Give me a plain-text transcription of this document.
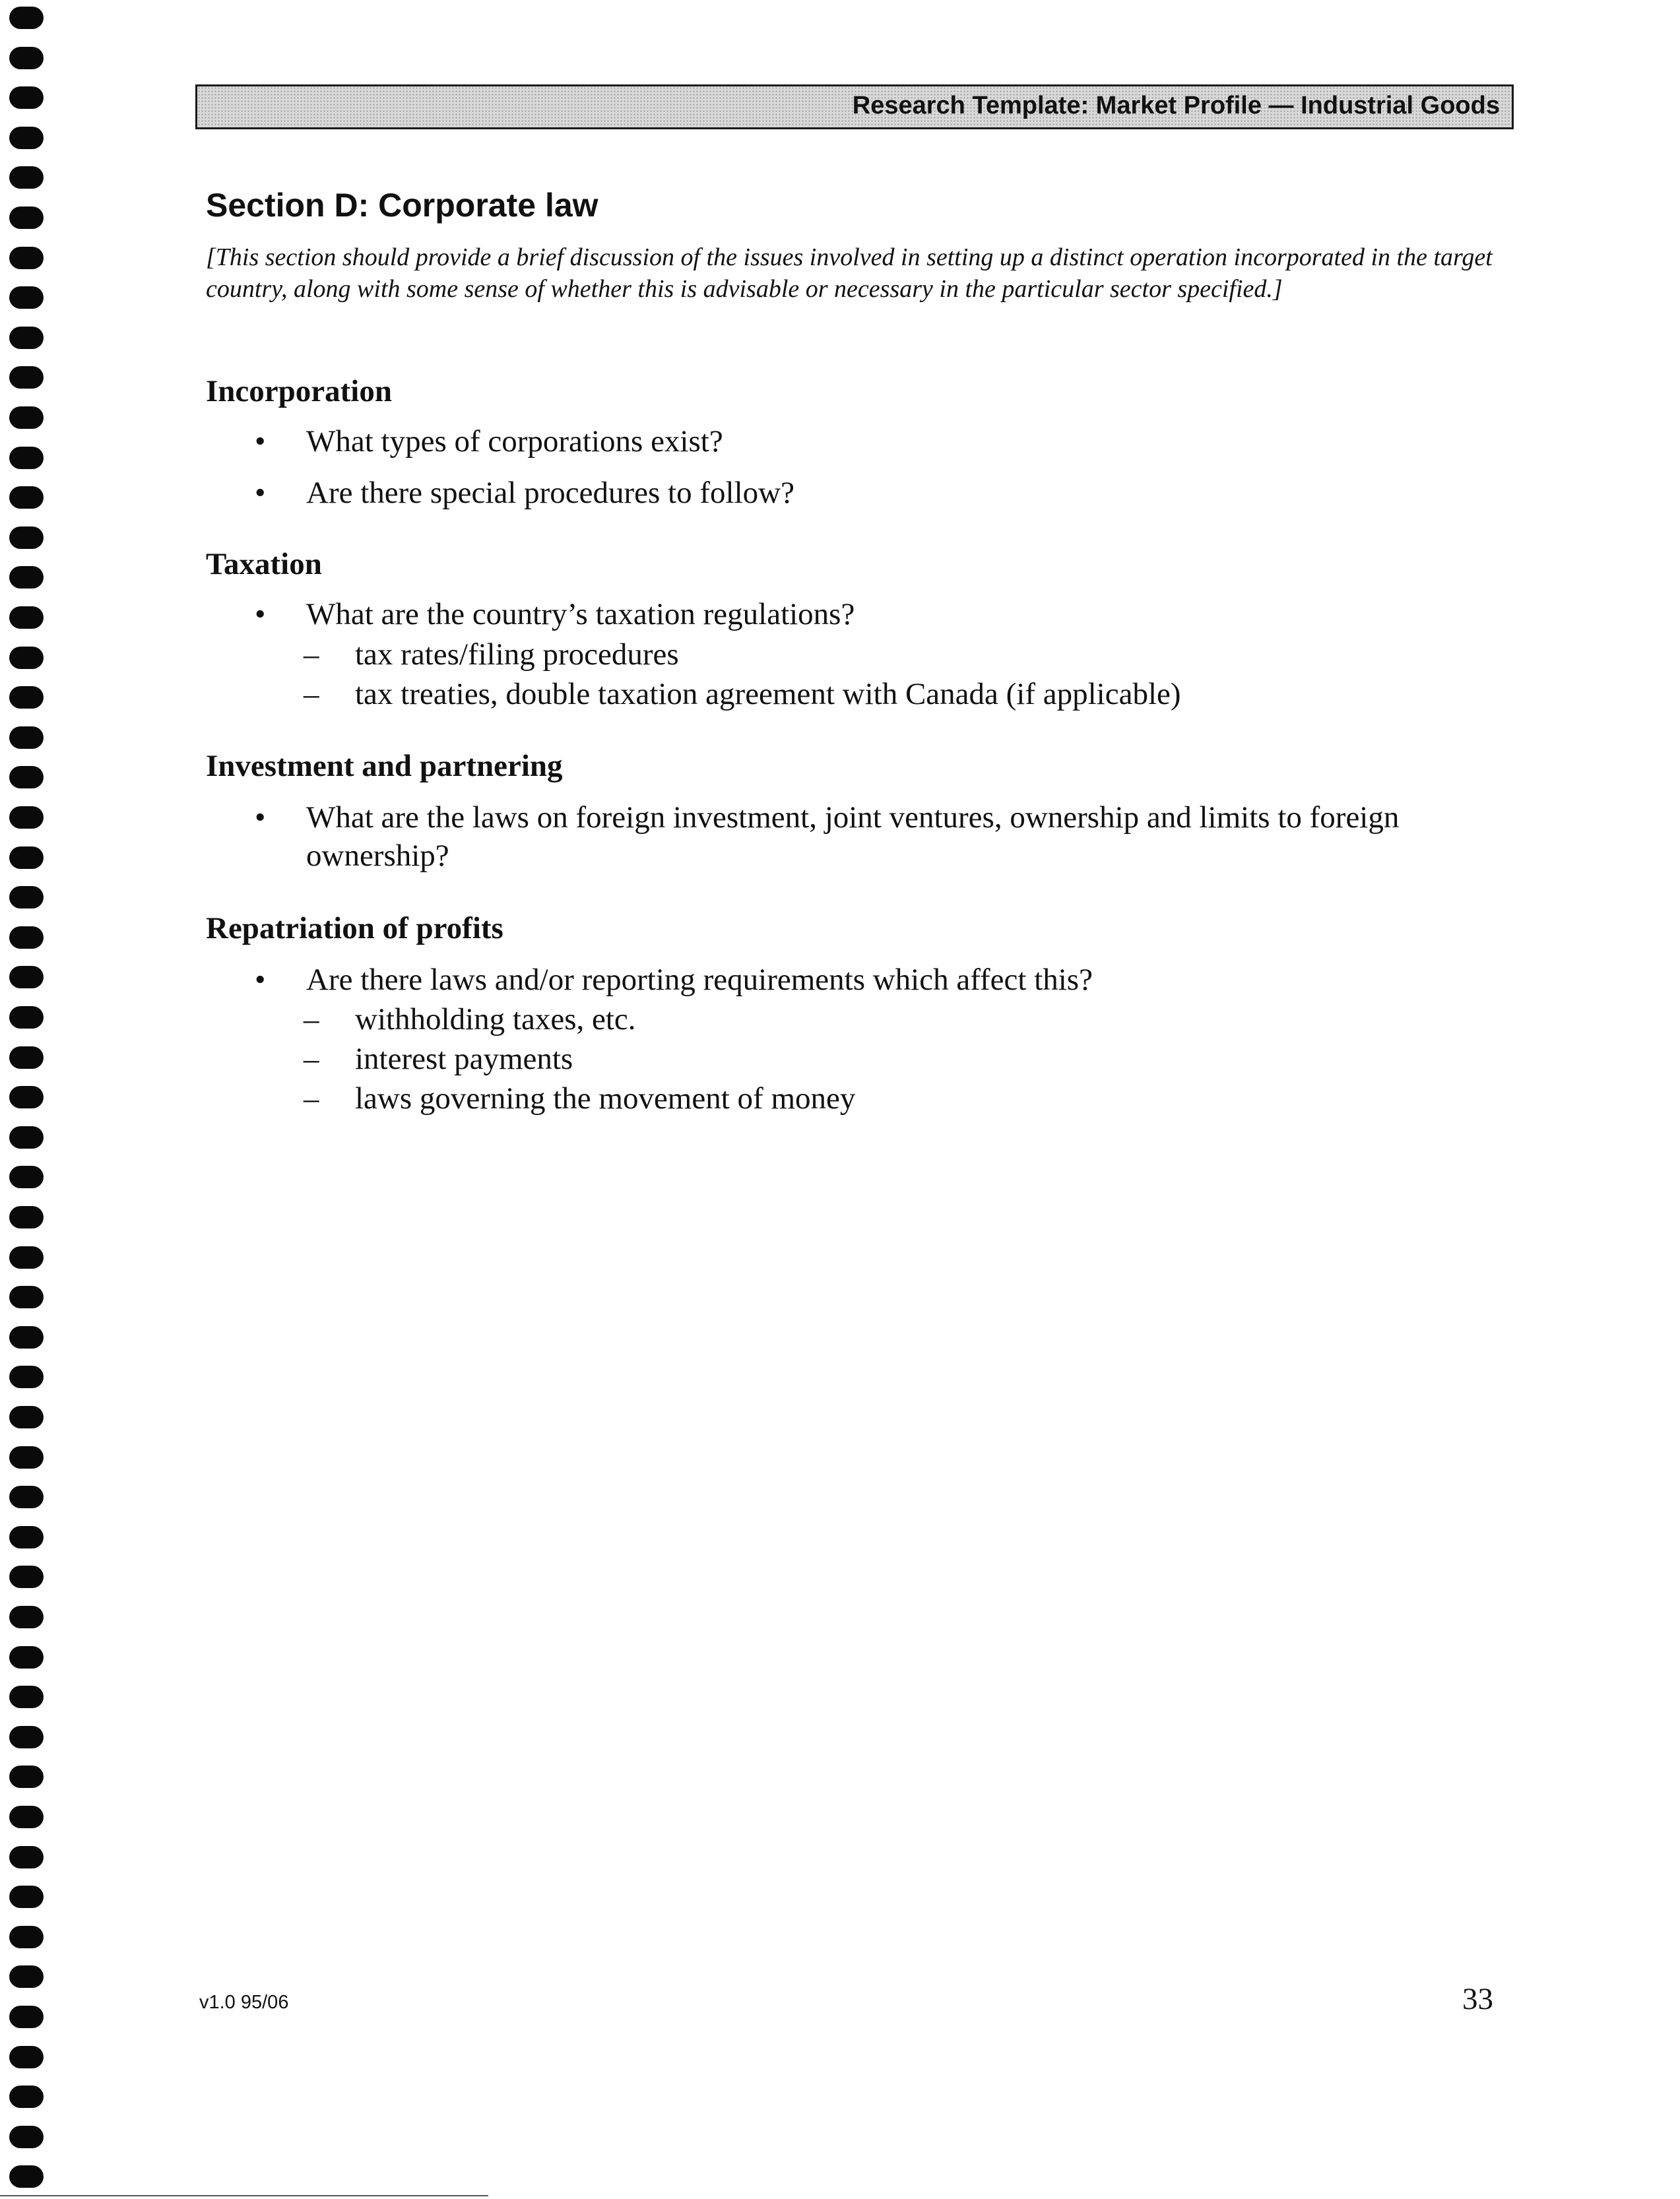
Research Template: Market Profile — Industrial Goods
Section D: Corporate law
[This section should provide a brief discussion of the issues involved in setting up a distinct operation incorporated in the target country, along with some sense of whether this is advisable or necessary in the particular sector specified.]
Incorporation
• What types of corporations exist?
• Are there special procedures to follow?
Taxation
• What are the country’s taxation regulations?
– tax rates/filing procedures
– tax treaties, double taxation agreement with Canada (if applicable)
Investment and partnering
• What are the laws on foreign investment, joint ventures, ownership and limits to foreign ownership?
Repatriation of profits
• Are there laws and/or reporting requirements which affect this?
– withholding taxes, etc.
– interest payments
– laws governing the movement of money
v1.0 95/06	33
